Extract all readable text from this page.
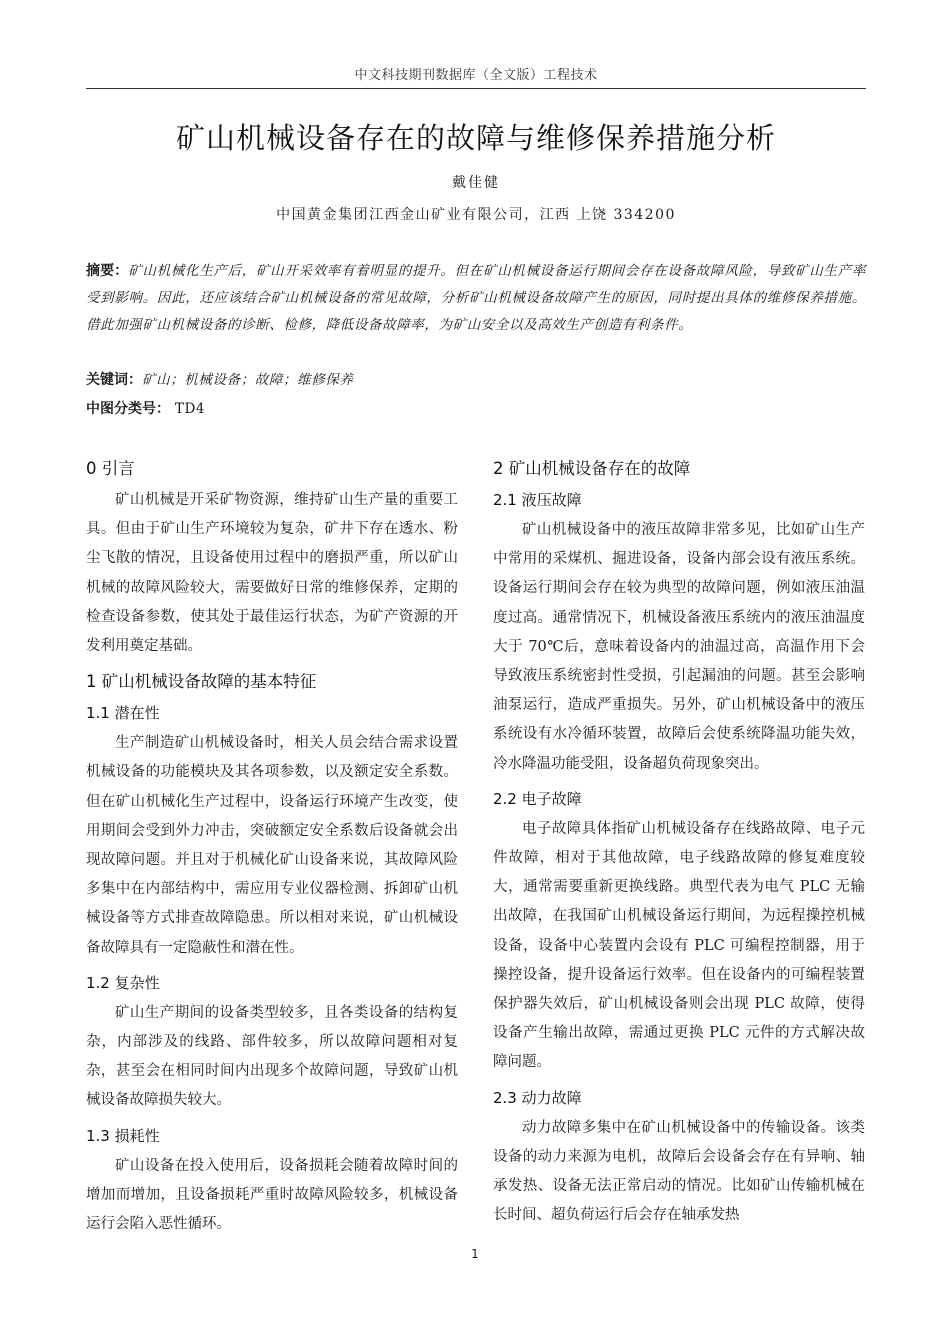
中文科技期刊数据库（全文版）工程技术
矿山机械设备存在的故障与维修保养措施分析
戴佳健
中国黄金集团江西金山矿业有限公司，江西 上饶 334200
摘要：矿山机械化生产后，矿山开采效率有着明显的提升。但在矿山机械设备运行期间会存在设备故障风险，导致矿山生产率受到影响。因此，还应该结合矿山机械设备的常见故障，分析矿山机械设备故障产生的原因，同时提出具体的维修保养措施。借此加强矿山机械设备的诊断、检修，降低设备故障率，为矿山安全以及高效生产创造有利条件。
关键词：矿山；机械设备；故障；维修保养
中图分类号： TD4
0 引言

矿山机械是开采矿物资源，维持矿山生产量的重要工具。但由于矿山生产环境较为复杂，矿井下存在透水、粉尘飞散的情况，且设备使用过程中的磨损严重，所以矿山机械的故障风险较大，需要做好日常的维修保养，定期的检查设备参数，使其处于最佳运行状态，为矿产资源的开发利用奠定基础。

1 矿山机械设备故障的基本特征
1.1 潜在性

生产制造矿山机械设备时，相关人员会结合需求设置机械设备的功能模块及其各项参数，以及额定安全系数。但在矿山机械化生产过程中，设备运行环境产生改变，使用期间会受到外力冲击，突破额定安全系数后设备就会出现故障问题。并且对于机械化矿山设备来说，其故障风险多集中在内部结构中，需应用专业仪器检测、拆卸矿山机械设备等方式排查故障隐患。所以相对来说，矿山机械设备故障具有一定隐蔽性和潜在性。

1.2 复杂性

矿山生产期间的设备类型较多，且各类设备的结构复杂，内部涉及的线路、部件较多，所以故障问题相对复杂，甚至会在相同时间内出现多个故障问题，导致矿山机械设备故障损失较大。

1.3 损耗性

矿山设备在投入使用后，设备损耗会随着故障时间的增加而增加，且设备损耗严重时故障风险较多，机械设备运行会陷入恶性循环。

2 矿山机械设备存在的故障
2.1 液压故障

矿山机械设备中的液压故障非常多见，比如矿山生产中常用的采煤机、掘进设备，设备内部会设有液压系统。设备运行期间会存在较为典型的故障问题，例如液压油温度过高。通常情况下，机械设备液压系统内的液压油温度大于 70℃后，意味着设备内的油温过高，高温作用下会导致液压系统密封性受损，引起漏油的问题。甚至会影响油泵运行，造成严重损失。另外，矿山机械设备中的液压系统设有水冷循环装置，故障后会使系统降温功能失效，冷水降温功能受阻，设备超负荷现象突出。

2.2 电子故障

电子故障具体指矿山机械设备存在线路故障、电子元件故障，相对于其他故障，电子线路故障的修复难度较大，通常需要重新更换线路。典型代表为电气 PLC 无输出故障，在我国矿山机械设备运行期间，为远程操控机械设备，设备中心装置内会设有 PLC 可编程控制器，用于操控设备，提升设备运行效率。但在设备内的可编程装置保护器失效后，矿山机械设备则会出现 PLC 故障，使得设备产生输出故障，需通过更换 PLC 元件的方式解决故障问题。

2.3 动力故障

动力故障多集中在矿山机械设备中的传输设备。该类设备的动力来源为电机，故障后会设备会存在有异响、轴承发热、设备无法正常启动的情况。比如矿山传输机械在长时间、超负荷运行后会存在轴承发热

1
